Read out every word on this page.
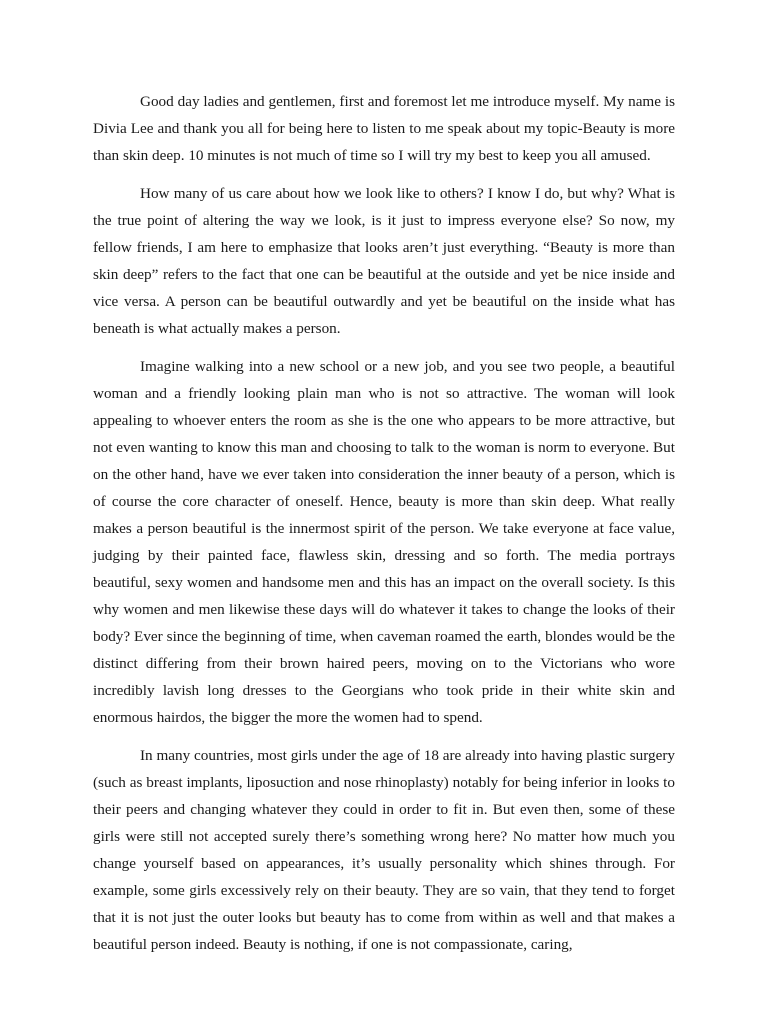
Good day ladies and gentlemen, first and foremost let me introduce myself. My name is Divia Lee and thank you all for being here to listen to me speak about my topic-Beauty is more than skin deep. 10 minutes is not much of time so I will try my best to keep you all amused.

How many of us care about how we look like to others? I know I do, but why? What is the true point of altering the way we look, is it just to impress everyone else? So now, my fellow friends, I am here to emphasize that looks aren’t just everything. “Beauty is more than skin deep” refers to the fact that one can be beautiful at the outside and yet be nice inside and vice versa. A person can be beautiful outwardly and yet be beautiful on the inside what has beneath is what actually makes a person.

Imagine walking into a new school or a new job, and you see two people, a beautiful woman and a friendly looking plain man who is not so attractive. The woman will look appealing to whoever enters the room as she is the one who appears to be more attractive, but not even wanting to know this man and choosing to talk to the woman is norm to everyone. But on the other hand, have we ever taken into consideration the inner beauty of a person, which is of course the core character of oneself. Hence, beauty is more than skin deep. What really makes a person beautiful is the innermost spirit of the person. We take everyone at face value, judging by their painted face, flawless skin, dressing and so forth. The media portrays beautiful, sexy women and handsome men and this has an impact on the overall society. Is this why women and men likewise these days will do whatever it takes to change the looks of their body? Ever since the beginning of time, when caveman roamed the earth, blondes would be the distinct differing from their brown haired peers, moving on to the Victorians who wore incredibly lavish long dresses to the Georgians who took pride in their white skin and enormous hairdos, the bigger the more the women had to spend.

In many countries, most girls under the age of 18 are already into having plastic surgery (such as breast implants, liposuction and nose rhinoplasty) notably for being inferior in looks to their peers and changing whatever they could in order to fit in. But even then, some of these girls were still not accepted surely there’s something wrong here? No matter how much you change yourself based on appearances, it’s usually personality which shines through. For example, some girls excessively rely on their beauty. They are so vain, that they tend to forget that it is not just the outer looks but beauty has to come from within as well and that makes a beautiful person indeed. Beauty is nothing, if one is not compassionate, caring,
